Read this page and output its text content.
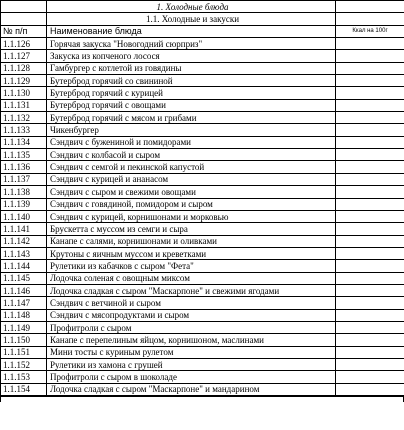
	1. Холодные блюда	
	1.1. Холодные и закуски	
№ п/п	Наименование блюда	Ккал на 100г
1.1.126	Горячая закуска "Новогодний сюрприз"	
1.1.127	Закуска из копченого лосося	
1.1.128	Гамбургер с котлетой из говядины	
1.1.129	Бутерброд горячий со свининой	
1.1.130	Бутерброд горячий с курицей	
1.1.131	Бутерброд горячий с овощами	
1.1.132	Бутерброд горячий с мясом и грибами	
1.1.133	Чикенбургер	
1.1.134	Сэндвич с бужениной и помидорами	
1.1.135	Сэндвич с колбасой и сыром	
1.1.136	Сэндвич с семгой и пекинской капустой	
1.1.137	Сэндвич с курицей и ананасом	
1.1.138	Сэндвич с сыром и свежими овощами	
1.1.139	Сэндвич с говядиной, помидором и сыром	
1.1.140	Сэндвич с курицей, корнишонами и морковью	
1.1.141	Брускетта с муссом из семги и сыра	
1.1.142	Канапе с салями, корнишонами и оливками	
1.1.143	Крутоны с яичным муссом и креветками	
1.1.144	Рулетики из кабачков с сыром "Фета"	
1.1.145	Лодочка соленая с овощным миксом	
1.1.146	Лодочка сладкая с сыром "Маскарпоне" и свежими ягодами	
1.1.147	Сэндвич с ветчиной и сыром	
1.1.148	Сэндвич с мясопродуктами и сыром	
1.1.149	Профитроли с сыром	
1.1.150	Канапе с перепелиным яйцом, корнишоном, маслинами	
1.1.151	Мини тосты с куриным рулетом	
1.1.152	Рулетики из хамона с грушей	
1.1.153	Профитроли с сыром в шоколаде	
1.1.154	Лодочка сладкая с сыром "Маскарпоне" и мандарином	
